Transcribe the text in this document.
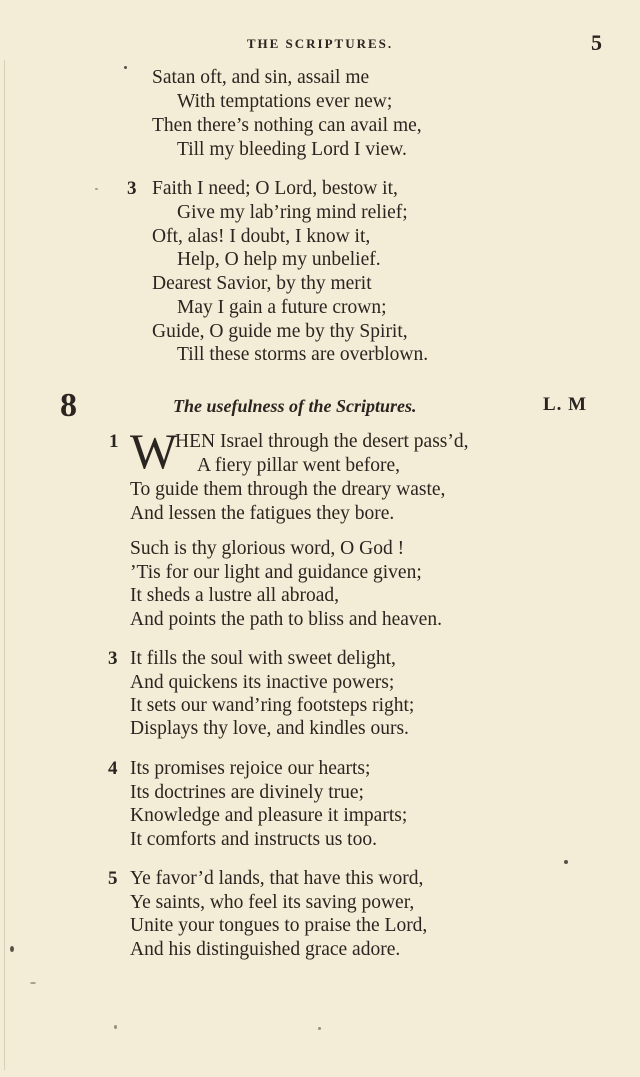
THE SCRIPTURES.	5
Satan oft, and sin, assail me
With temptations ever new;
Then there’s nothing can avail me,
Till my bleeding Lord I view.
3 Faith I need; O Lord, bestow it,
Give my lab’ring mind relief;
Oft, alas! I doubt, I know it,
Help, O help my unbelief.
Dearest Savior, by thy merit
May I gain a future crown;
Guide, O guide me by thy Spirit,
Till these storms are overblown.
8	The usefulness of the Scriptures.	L. M
1 W
HEN Israel through the desert pass’d,
A fiery pillar went before,
To guide them through the dreary waste,
And lessen the fatigues they bore.
Such is thy glorious word, O God !
’Tis for our light and guidance given;
It sheds a lustre all abroad,
And points the path to bliss and heaven.
3 It fills the soul with sweet delight,
And quickens its inactive powers;
It sets our wand’ring footsteps right;
Displays thy love, and kindles ours.
4 Its promises rejoice our hearts;
Its doctrines are divinely true;
Knowledge and pleasure it imparts;
It comforts and instructs us too.
5 Ye favor’d lands, that have this word,
Ye saints, who feel its saving power,
Unite your tongues to praise the Lord,
And his distinguished grace adore.
